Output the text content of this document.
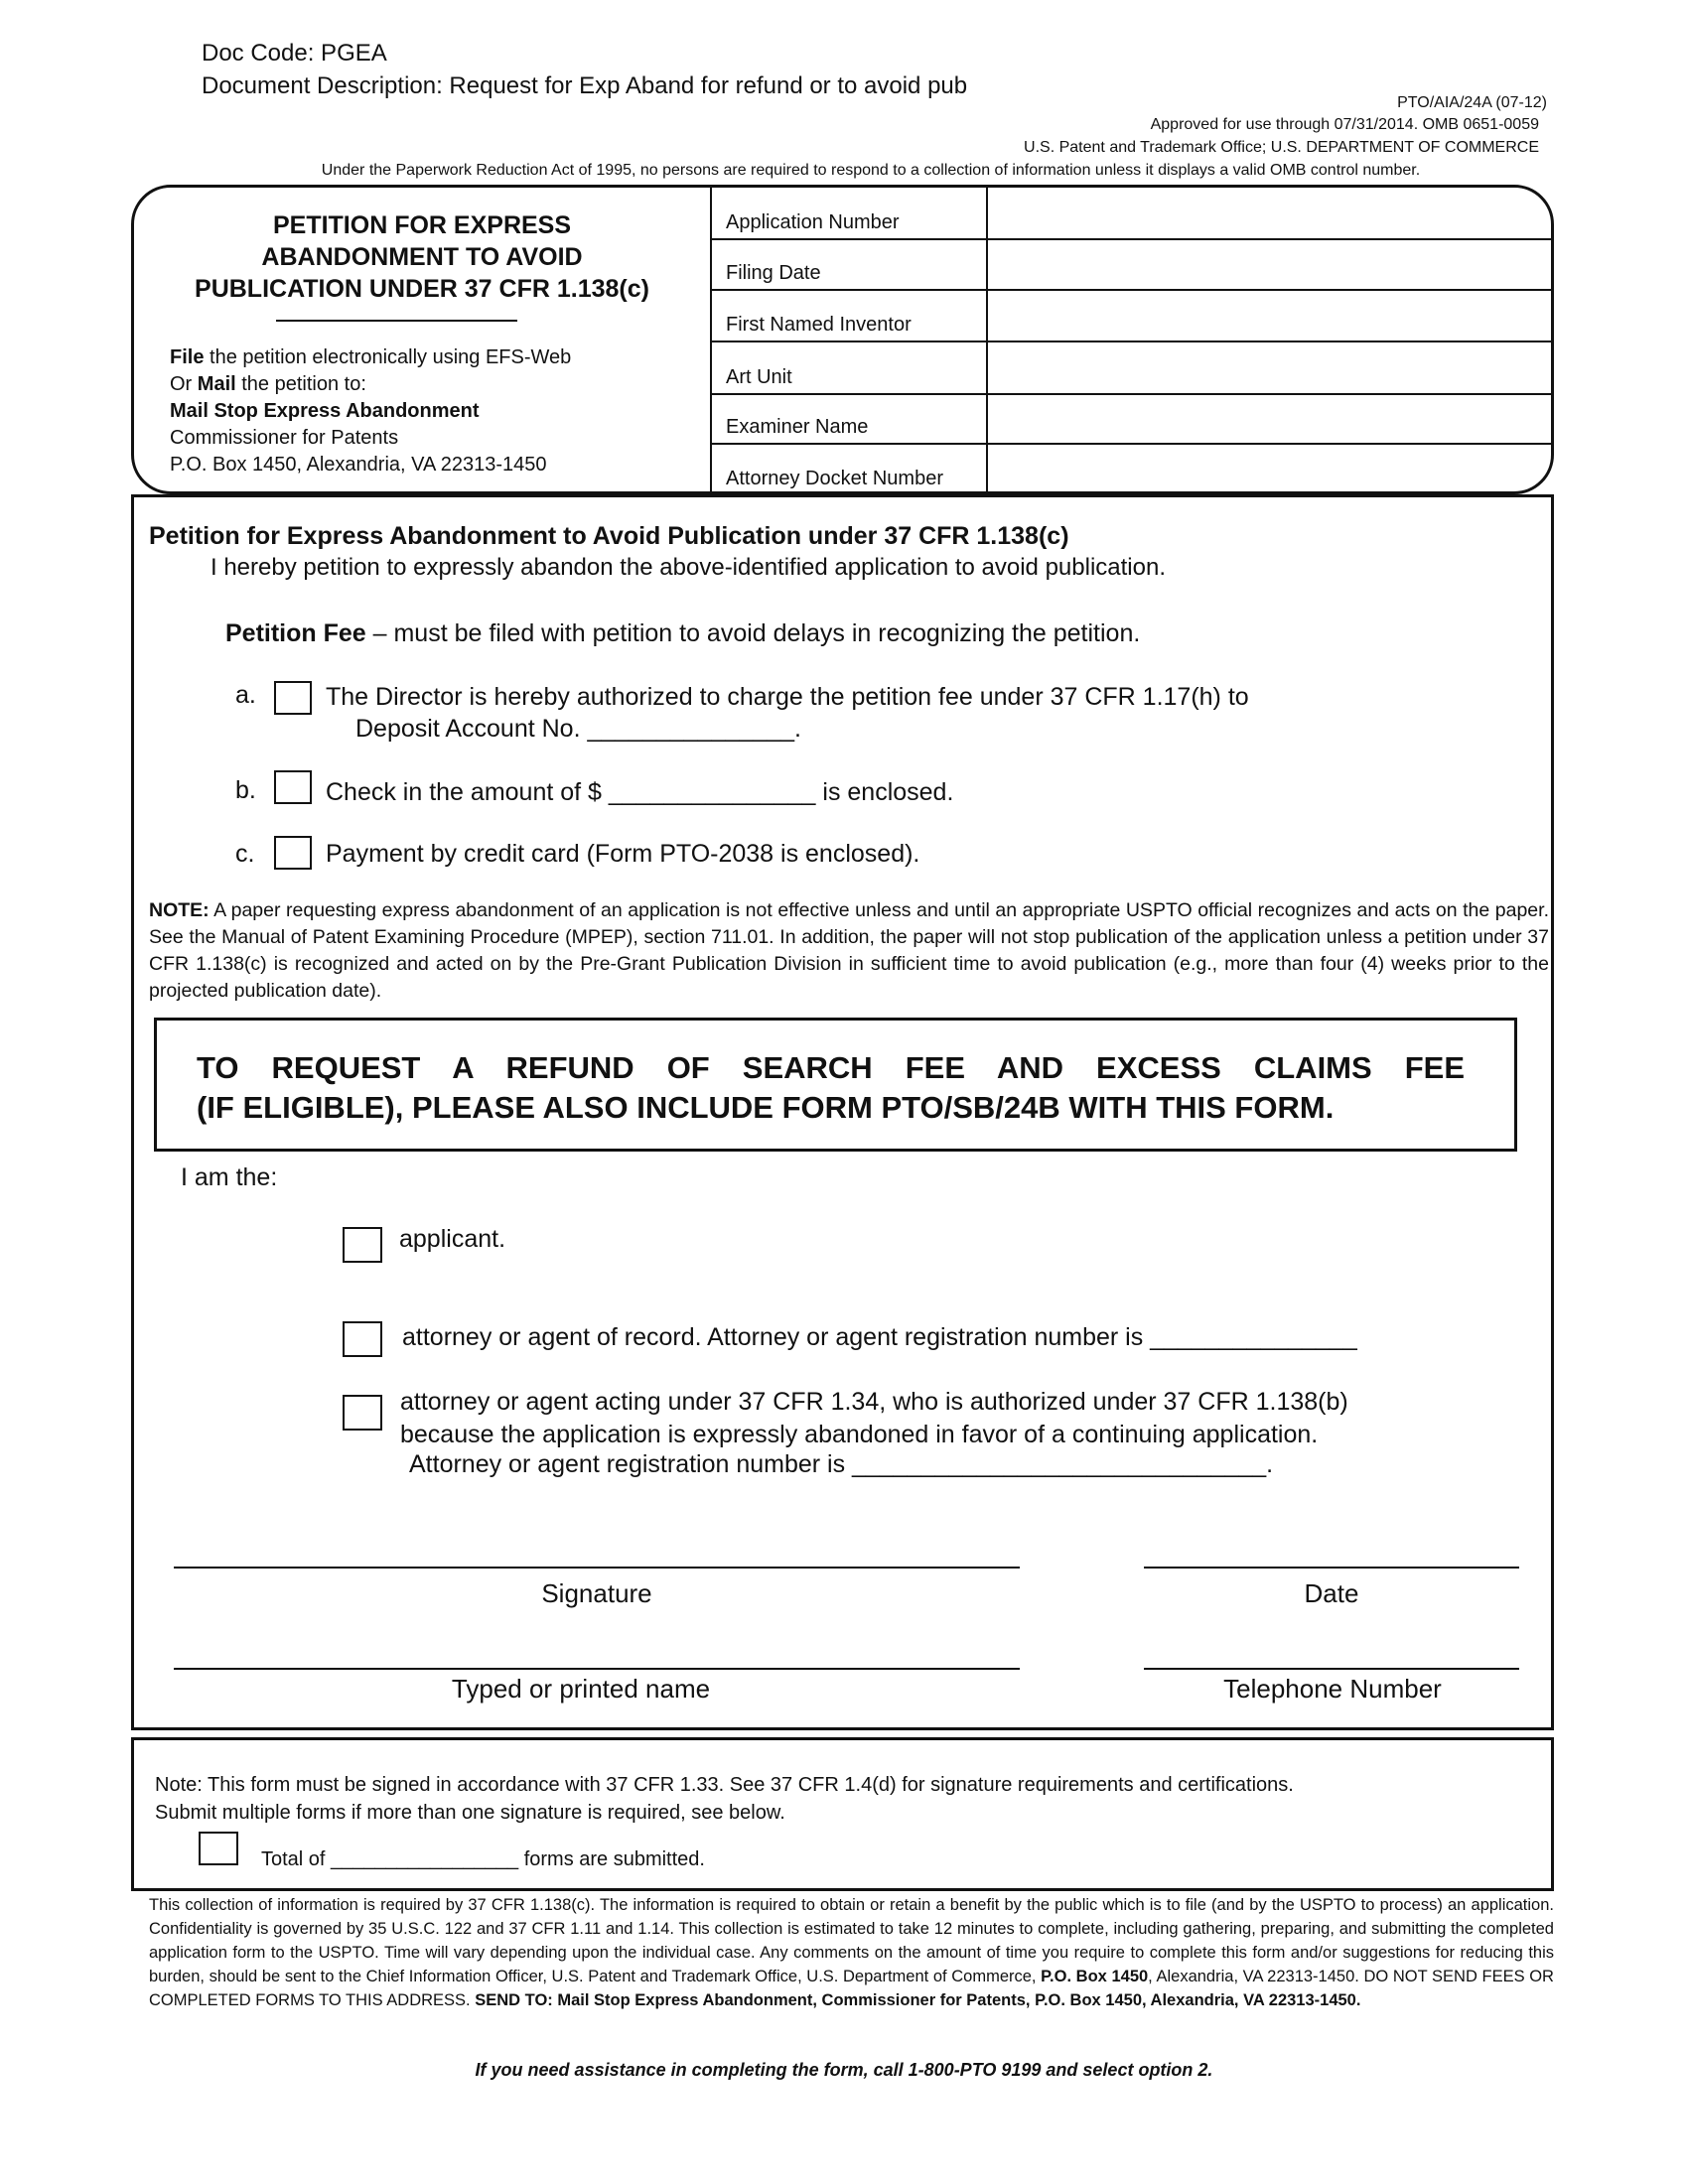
Doc Code: PGEA
Document Description: Request for Exp Aband for refund or to avoid pub
PTO/AIA/24A (07-12)
Approved for use through 07/31/2014. OMB 0651-0059
U.S. Patent and Trademark Office; U.S. DEPARTMENT OF COMMERCE
Under the Paperwork Reduction Act of 1995, no persons are required to respond to a collection of information unless it displays a valid OMB control number.
PETITION FOR EXPRESS
ABANDONMENT TO AVOID
PUBLICATION UNDER 37 CFR 1.138(c)
File the petition electronically using EFS-Web
Or Mail the petition to:
Mail Stop Express Abandonment
Commissioner for Patents
P.O. Box 1450, Alexandria, VA 22313-1450
Application Number
Filing Date
First Named Inventor
Art Unit
Examiner Name
Attorney Docket Number
Petition for Express Abandonment to Avoid Publication under 37 CFR 1.138(c)
I hereby petition to expressly abandon the above-identified application to avoid publication.
Petition Fee – must be filed with petition to avoid delays in recognizing the petition.
a.	The Director is hereby authorized to charge the petition fee under 37 CFR 1.17(h) to
Deposit Account No. _______________.
b.	Check in the amount of $ _______________ is enclosed.
c.	Payment by credit card (Form PTO-2038 is enclosed).
NOTE: A paper requesting express abandonment of an application is not effective unless and until an appropriate USPTO official recognizes and acts on the paper. See the Manual of Patent Examining Procedure (MPEP), section 711.01. In addition, the paper will not stop publication of the application unless a petition under 37 CFR 1.138(c) is recognized and acted on by the Pre-Grant Publication Division in sufficient time to avoid publication (e.g., more than four (4) weeks prior to the projected publication date).
TO REQUEST A REFUND OF SEARCH FEE AND EXCESS CLAIMS FEE
(IF ELIGIBLE), PLEASE ALSO INCLUDE FORM PTO/SB/24B WITH THIS FORM.
I am the:
applicant.
attorney or agent of record. Attorney or agent registration number is _______________
attorney or agent acting under 37 CFR 1.34, who is authorized under 37 CFR 1.138(b)
because the application is expressly abandoned in favor of a continuing application.
Attorney or agent registration number is ______________________________.
Signature	Date
Typed or printed name	Telephone Number
Note: This form must be signed in accordance with 37 CFR 1.33. See 37 CFR 1.4(d) for signature requirements and certifications.
Submit multiple forms if more than one signature is required, see below.
Total of _________________ forms are submitted.
This collection of information is required by 37 CFR 1.138(c). The information is required to obtain or retain a benefit by the public which is to file (and by the USPTO to process) an application. Confidentiality is governed by 35 U.S.C. 122 and 37 CFR 1.11 and 1.14. This collection is estimated to take 12 minutes to complete, including gathering, preparing, and submitting the completed application form to the USPTO. Time will vary depending upon the individual case. Any comments on the amount of time you require to complete this form and/or suggestions for reducing this burden, should be sent to the Chief Information Officer, U.S. Patent and Trademark Office, U.S. Department of Commerce, P.O. Box 1450, Alexandria, VA 22313-1450. DO NOT SEND FEES OR COMPLETED FORMS TO THIS ADDRESS. SEND TO: Mail Stop Express Abandonment, Commissioner for Patents, P.O. Box 1450, Alexandria, VA 22313-1450.
If you need assistance in completing the form, call 1-800-PTO 9199 and select option 2.
